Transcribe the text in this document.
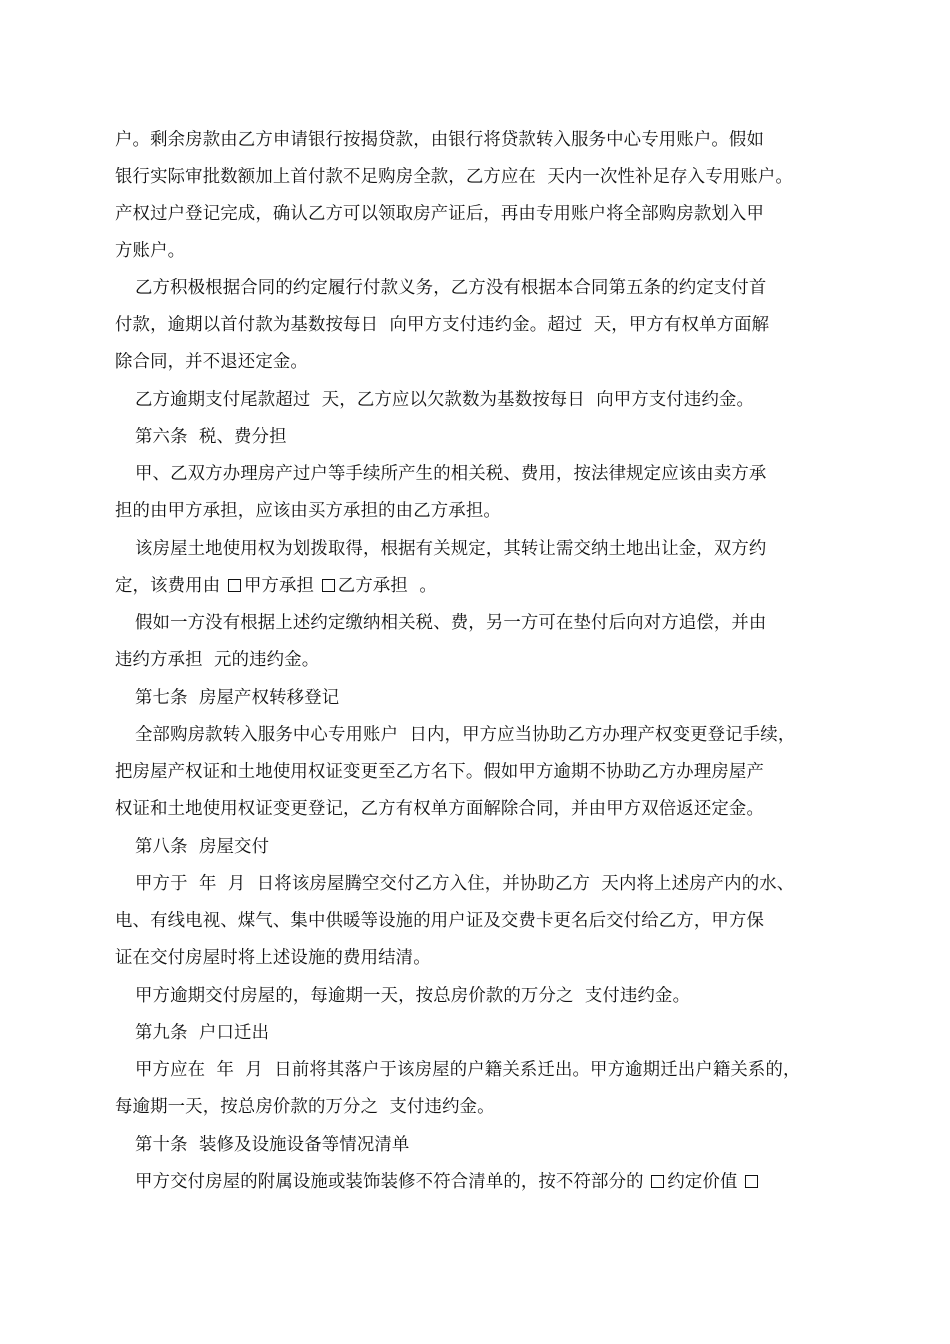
户。剩余房款由乙方申请银行按揭贷款，由银行将贷款转入服务中心专用账户。假如
银行实际审批数额加上首付款不足购房全款，乙方应在  天内一次性补足存入专用账户。
产权过户登记完成，确认乙方可以领取房产证后，再由专用账户将全部购房款划入甲
方账户。
乙方积极根据合同的约定履行付款义务，乙方没有根据本合同第五条的约定支付首
付款，逾期以首付款为基数按每日  向甲方支付违约金。超过  天，甲方有权单方面解
除合同，并不退还定金。
乙方逾期支付尾款超过  天，乙方应以欠款数为基数按每日  向甲方支付违约金。
第六条  税、费分担
甲、乙双方办理房产过户等手续所产生的相关税、费用，按法律规定应该由卖方承
担的由甲方承担，应该由买方承担的由乙方承担。
该房屋土地使用权为划拨取得，根据有关规定，其转让需交纳土地出让金，双方约
定，该费用由 甲方承担 乙方承担 。
假如一方没有根据上述约定缴纳相关税、费，另一方可在垫付后向对方追偿，并由
违约方承担  元的违约金。
第七条  房屋产权转移登记
全部购房款转入服务中心专用账户  日内，甲方应当协助乙方办理产权变更登记手续，
把房屋产权证和土地使用权证变更至乙方名下。假如甲方逾期不协助乙方办理房屋产
权证和土地使用权证变更登记，乙方有权单方面解除合同，并由甲方双倍返还定金。
第八条  房屋交付
甲方于  年  月  日将该房屋腾空交付乙方入住，并协助乙方  天内将上述房产内的水、
电、有线电视、煤气、集中供暖等设施的用户证及交费卡更名后交付给乙方，甲方保
证在交付房屋时将上述设施的费用结清。
甲方逾期交付房屋的，每逾期一天，按总房价款的万分之  支付违约金。
第九条  户口迁出
甲方应在  年  月  日前将其落户于该房屋的户籍关系迁出。甲方逾期迁出户籍关系的，
每逾期一天，按总房价款的万分之  支付违约金。
第十条  装修及设施设备等情况清单
甲方交付房屋的附属设施或装饰装修不符合清单的，按不符部分的 约定价值
